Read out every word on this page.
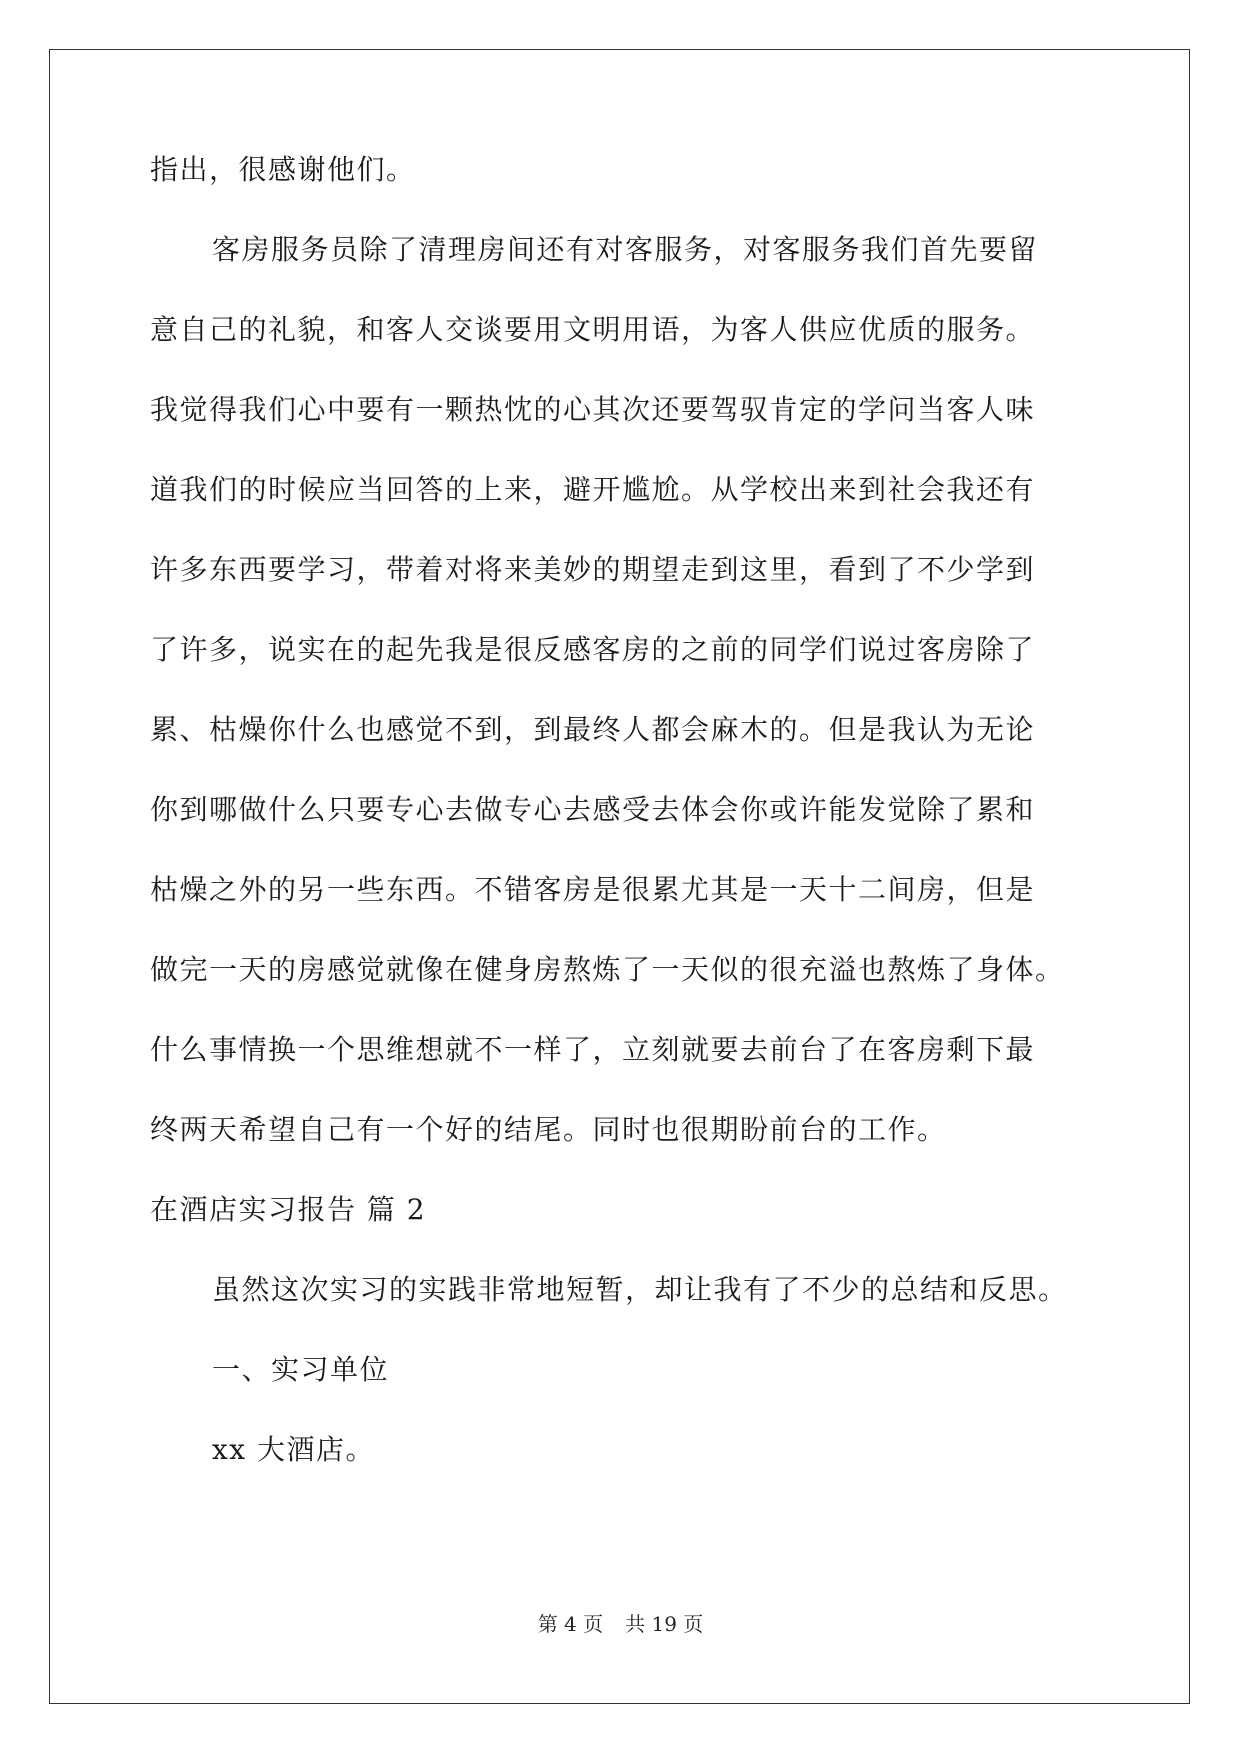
指出，很感谢他们。
客房服务员除了清理房间还有对客服务，对客服务我们首先要留
意自己的礼貌，和客人交谈要用文明用语，为客人供应优质的服务。
我觉得我们心中要有一颗热忱的心其次还要驾驭肯定的学问当客人味
道我们的时候应当回答的上来，避开尴尬。从学校出来到社会我还有
许多东西要学习，带着对将来美妙的期望走到这里，看到了不少学到
了许多，说实在的起先我是很反感客房的之前的同学们说过客房除了
累、枯燥你什么也感觉不到，到最终人都会麻木的。但是我认为无论
你到哪做什么只要专心去做专心去感受去体会你或许能发觉除了累和
枯燥之外的另一些东西。不错客房是很累尤其是一天十二间房，但是
做完一天的房感觉就像在健身房熬炼了一天似的很充溢也熬炼了身体。
什么事情换一个思维想就不一样了，立刻就要去前台了在客房剩下最
终两天希望自己有一个好的结尾。同时也很期盼前台的工作。
在酒店实习报告 篇 2
虽然这次实习的实践非常地短暂，却让我有了不少的总结和反思。
一、实习单位
xx 大酒店。
第 4 页 共 19 页
